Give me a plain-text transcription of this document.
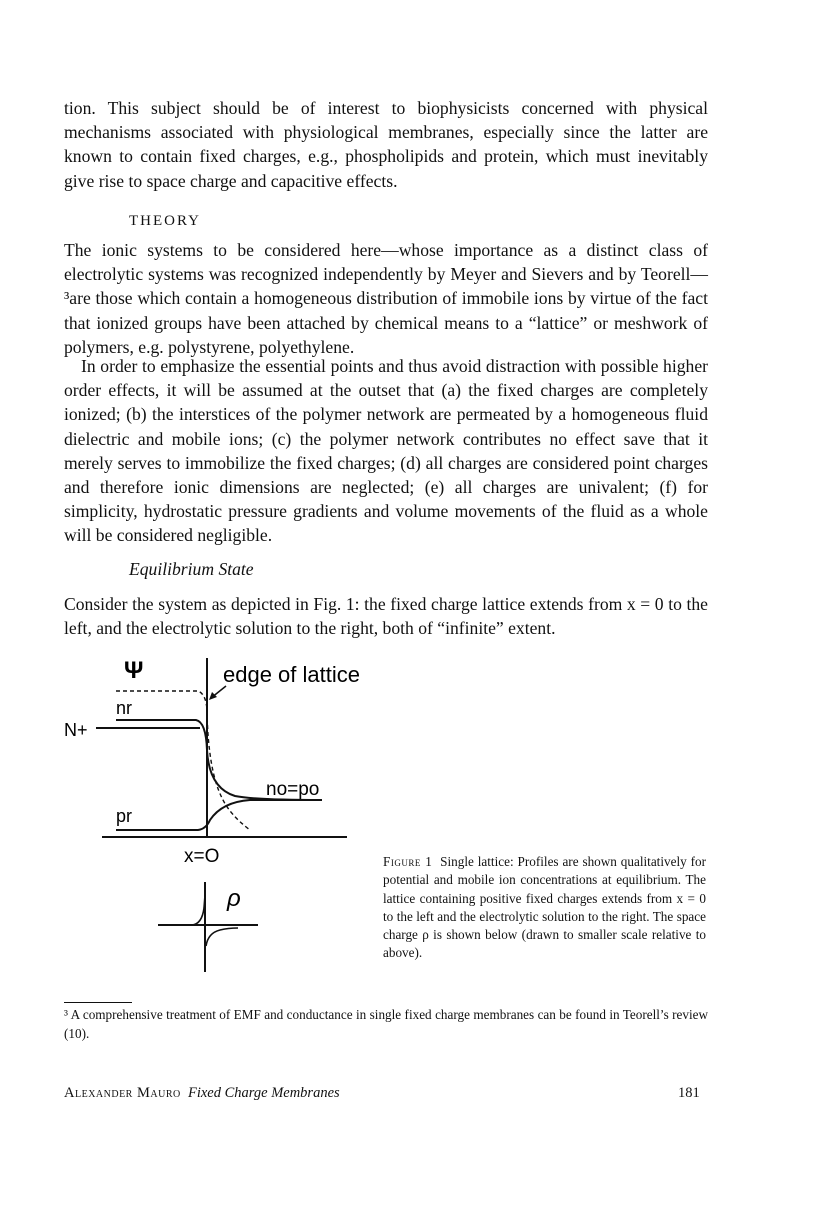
tion. This subject should be of interest to biophysicists concerned with physical mechanisms associated with physiological membranes, especially since the latter are known to contain fixed charges, e.g., phospholipids and protein, which must inevitably give rise to space charge and capacitive effects.

THEORY

The ionic systems to be considered here—whose importance as a distinct class of electrolytic systems was recognized independently by Meyer and Sievers and by Teorell—³are those which contain a homogeneous distribution of immobile ions by virtue of the fact that ionized groups have been attached by chemical means to a “lattice” or meshwork of polymers, e.g. polystyrene, polyethylene.

In order to emphasize the essential points and thus avoid distraction with possible higher order effects, it will be assumed at the outset that (a) the fixed charges are completely ionized; (b) the interstices of the polymer network are permeated by a homogeneous fluid dielectric and mobile ions; (c) the polymer network contributes no effect save that it merely serves to immobilize the fixed charges; (d) all charges are considered point charges and therefore ionic dimensions are neglected; (e) all charges are univalent; (f) for simplicity, hydrostatic pressure gradients and volume movements of the fluid as a whole will be considered negligible.

Equilibrium State

Consider the system as depicted in Fig. 1: the fixed charge lattice extends from x = 0 to the left, and the electrolytic solution to the right, both of “infinite” extent.

Ψ	edge of lattice
nr
N+
no=po
pr
x=O
ρ

Figure 1 Single lattice: Profiles are shown qualitatively for potential and mobile ion concentrations at equilibrium. The lattice containing positive fixed charges extends from x = 0 to the left and the electrolytic solution to the right. The space charge ρ is shown below (drawn to smaller scale relative to above).

³ A comprehensive treatment of EMF and conductance in single fixed charge membranes can be found in Teorell’s review (10).

Alexander Mauro Fixed Charge Membranes	181
